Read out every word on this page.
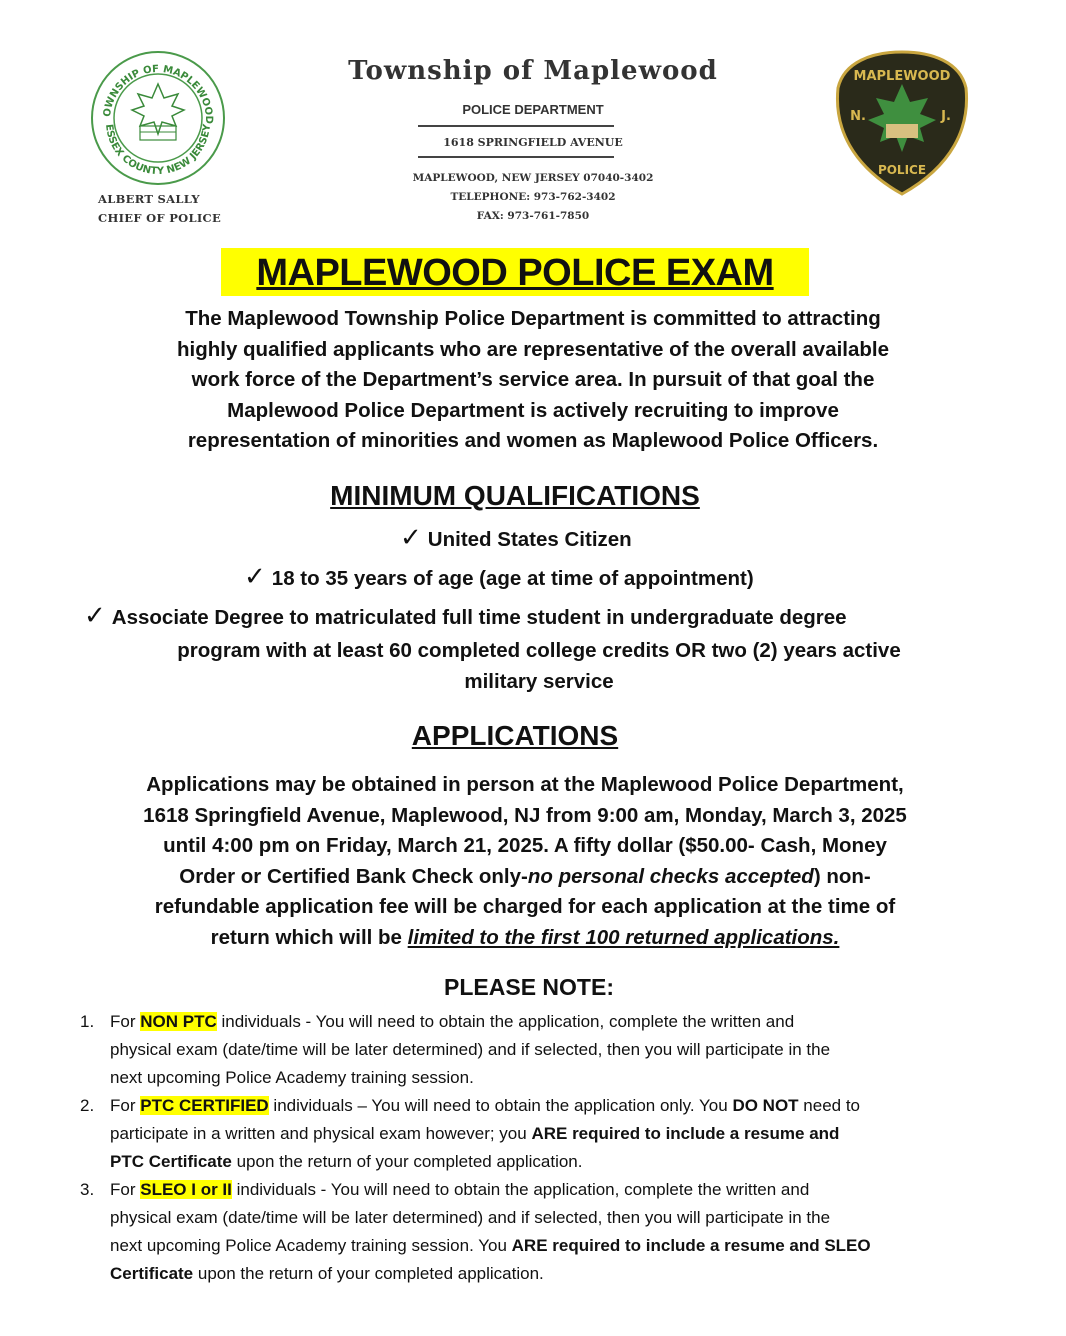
OWNSHIP OF MAPLEWOOD
ESSEX COUNTY NEW JERSEY
ALBERT SALLY
CHIEF OF POLICE
Township of Maplewood
POLICE DEPARTMENT
1618 SPRINGFIELD AVENUE
MAPLEWOOD, NEW JERSEY 07040-3402
TELEPHONE: 973-762-3402
FAX: 973-761-7850
MAPLEWOOD
N.	J.
POLICE
MAPLEWOOD POLICE EXAM
The Maplewood Township Police Department is committed to attracting
highly qualified applicants who are representative of the overall available
work force of the Department’s service area. In pursuit of that goal the
Maplewood Police Department is actively recruiting to improve
representation of minorities and women as Maplewood Police Officers.
MINIMUM QUALIFICATIONS
✓ United States Citizen
✓ 18 to 35 years of age (age at time of appointment)
✓ Associate Degree to matriculated full time student in undergraduate degree
program with at least 60 completed college credits OR two (2) years active
military service
APPLICATIONS
Applications may be obtained in person at the Maplewood Police Department,
1618 Springfield Avenue, Maplewood, NJ from 9:00 am, Monday, March 3, 2025
until 4:00 pm on Friday, March 21, 2025. A fifty dollar ($50.00- Cash, Money
Order or Certified Bank Check only-no personal checks accepted) non-
refundable application fee will be charged for each application at the time of
return which will be limited to the first 100 returned applications.
PLEASE NOTE:
1. For NON PTC individuals - You will need to obtain the application, complete the written and
physical exam (date/time will be later determined) and if selected, then you will participate in the
next upcoming Police Academy training session.
2. For PTC CERTIFIED individuals – You will need to obtain the application only. You DO NOT need to
participate in a written and physical exam however; you ARE required to include a resume and
PTC Certificate upon the return of your completed application.
3. For SLEO I or II individuals - You will need to obtain the application, complete the written and
physical exam (date/time will be later determined) and if selected, then you will participate in the
next upcoming Police Academy training session. You ARE required to include a resume and SLEO
Certificate upon the return of your completed application.
